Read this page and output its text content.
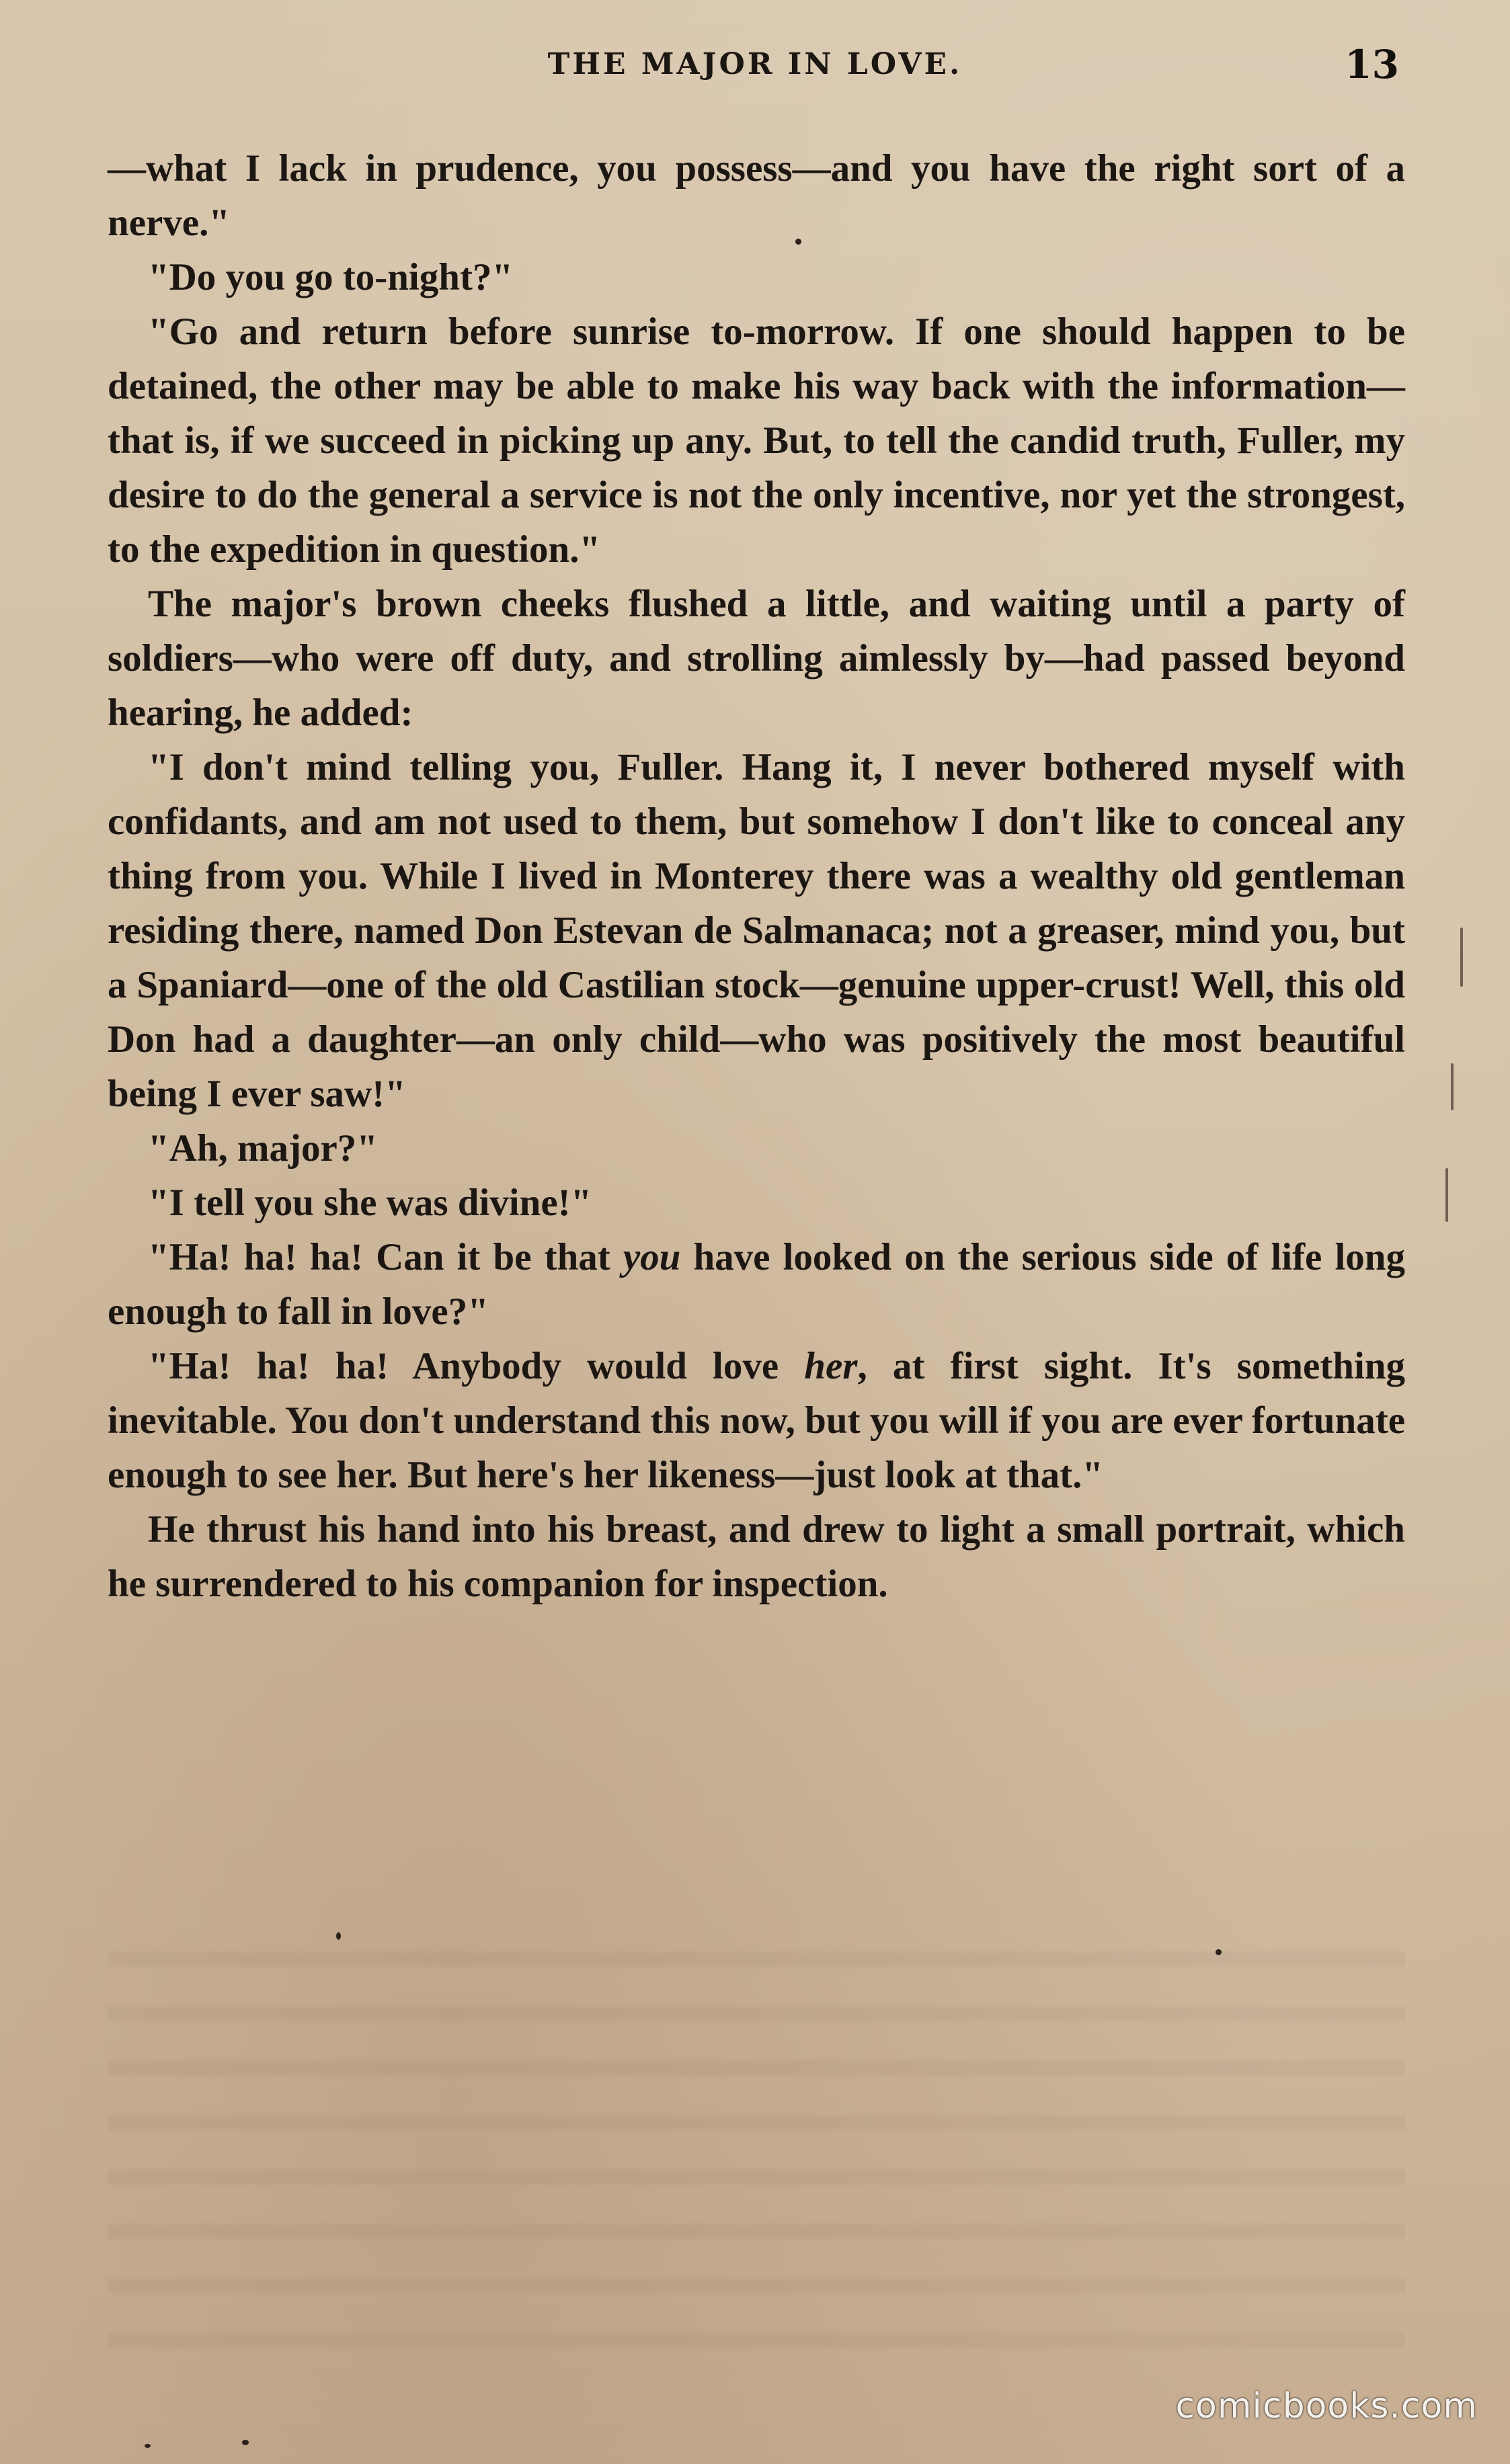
THE MAJOR IN LOVE.	13

—what I lack in prudence, you possess—and you have the right sort of a nerve."

"Do you go to-night?"

"Go and return before sunrise to-morrow. If one should happen to be detained, the other may be able to make his way back with the information—that is, if we succeed in picking up any. But, to tell the candid truth, Fuller, my desire to do the general a service is not the only incentive, nor yet the strongest, to the expedition in question."

The major's brown cheeks flushed a little, and waiting until a party of soldiers—who were off duty, and strolling aimlessly by—had passed beyond hearing, he added:

"I don't mind telling you, Fuller. Hang it, I never bothered myself with confidants, and am not used to them, but somehow I don't like to conceal any thing from you. While I lived in Monterey there was a wealthy old gentleman residing there, named Don Estevan de Salmanaca; not a greaser, mind you, but a Spaniard—one of the old Castilian stock—genuine upper-crust! Well, this old Don had a daughter—an only child—who was positively the most beautiful being I ever saw!"

"Ah, major?"

"I tell you she was divine!"

"Ha! ha! ha! Can it be that you have looked on the serious side of life long enough to fall in love?"

"Ha! ha! ha! Anybody would love her, at first sight. It's something inevitable. You don't understand this now, but you will if you are ever fortunate enough to see her. But here's her likeness—just look at that."

He thrust his hand into his breast, and drew to light a small portrait, which he surrendered to his companion for inspection.

comicbooks.com
